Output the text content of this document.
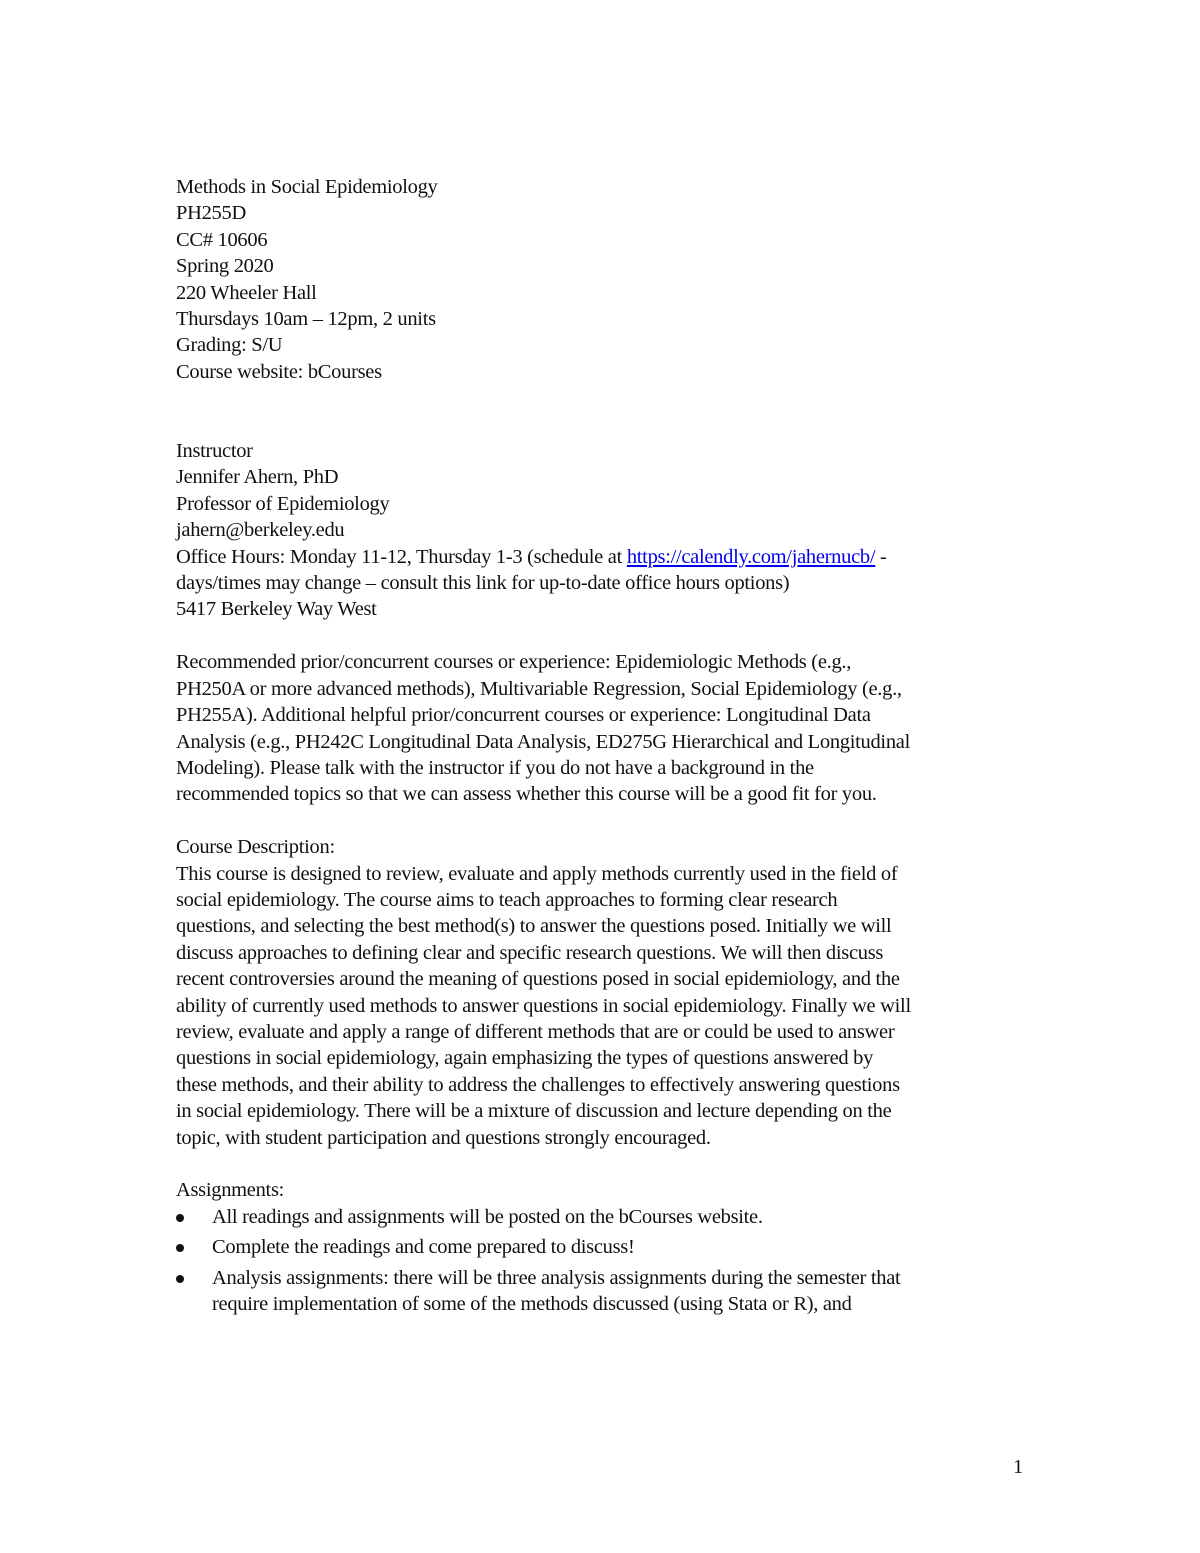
Methods in Social Epidemiology
PH255D
CC# 10606
Spring 2020
220 Wheeler Hall
Thursdays 10am – 12pm, 2 units
Grading: S/U
Course website: bCourses
Instructor
Jennifer Ahern, PhD
Professor of Epidemiology
jahern@berkeley.edu
Office Hours: Monday 11-12, Thursday 1-3 (schedule at https://calendly.com/jahernucb/ -
days/times may change – consult this link for up-to-date office hours options)
5417 Berkeley Way West
Recommended prior/concurrent courses or experience: Epidemiologic Methods (e.g.,
PH250A or more advanced methods), Multivariable Regression, Social Epidemiology (e.g.,
PH255A). Additional helpful prior/concurrent courses or experience: Longitudinal Data
Analysis (e.g., PH242C Longitudinal Data Analysis, ED275G Hierarchical and Longitudinal
Modeling). Please talk with the instructor if you do not have a background in the
recommended topics so that we can assess whether this course will be a good fit for you.
Course Description:
This course is designed to review, evaluate and apply methods currently used in the field of
social epidemiology. The course aims to teach approaches to forming clear research
questions, and selecting the best method(s) to answer the questions posed. Initially we will
discuss approaches to defining clear and specific research questions. We will then discuss
recent controversies around the meaning of questions posed in social epidemiology, and the
ability of currently used methods to answer questions in social epidemiology. Finally we will
review, evaluate and apply a range of different methods that are or could be used to answer
questions in social epidemiology, again emphasizing the types of questions answered by
these methods, and their ability to address the challenges to effectively answering questions
in social epidemiology. There will be a mixture of discussion and lecture depending on the
topic, with student participation and questions strongly encouraged.
Assignments:
All readings and assignments will be posted on the bCourses website.
Complete the readings and come prepared to discuss!
Analysis assignments: there will be three analysis assignments during the semester that
require implementation of some of the methods discussed (using Stata or R), and
1
